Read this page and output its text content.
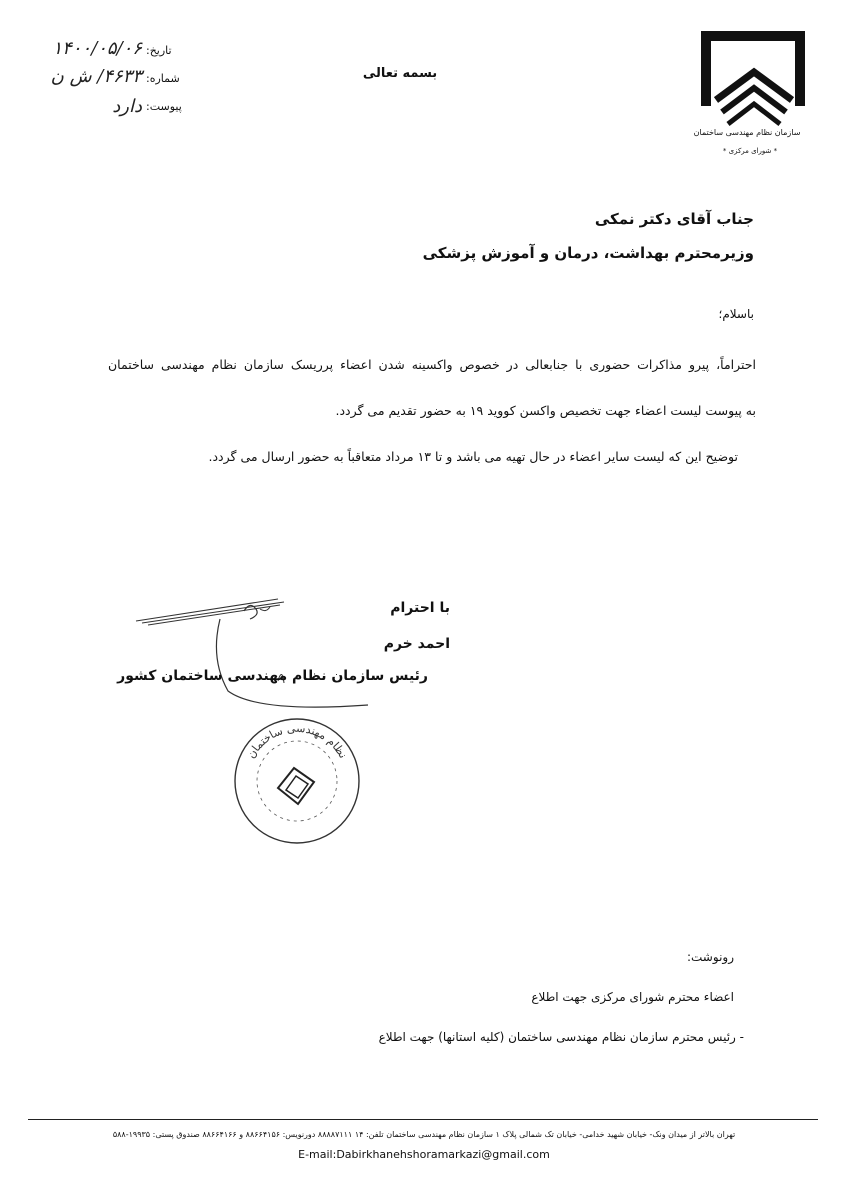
سازمان نظام مهندسی ساختمان
* شورای مرکزی *
بسمه تعالی
تاریخ:
۱۴۰۰/۰۵/۰۶
شماره:
۴۶۳۳/ ش ن
پیوست:
دارد
جناب آقای دکتر نمکی
وزیرمحترم بهداشت، درمان و آموزش پزشکی
باسلام؛
احتراماً، پیرو مذاکرات حضوری با جنابعالی در خصوص واکسینه شدن اعضاء پرریسک سازمان نظام مهندسی ساختمان
به پیوست لیست اعضاء جهت تخصیص واکسن کووید ۱۹ به حضور تقدیم می گردد.
توضیح این که لیست سایر اعضاء در حال تهیه می باشد و تا ۱۳ مرداد متعاقباً به حضور ارسال می گردد.
با احترام
احمد خرم
رئیس سازمان نظام مهندسی ساختمان کشور
نظام مهندسی ساختمان
رونوشت:
اعضاء محترم شورای مرکزی جهت اطلاع
- رئیس محترم سازمان نظام مهندسی ساختمان (کلیه استانها) جهت اطلاع
تهران بالاتر از میدان ونک- خیابان شهید خدامی- خیابان تک شمالی پلاک ۱ سازمان نظام مهندسی ساختمان تلفن: ۱۴ ۸۸۸۸۷۱۱۱ دورنویس: ۸۸۶۶۴۱۵۶ و ۸۸۶۶۴۱۶۶ صندوق پستی: ۱۹۹۳۵-۵۸۸
E-mail:Dabirkhanehshoramarkazi@gmail.com
